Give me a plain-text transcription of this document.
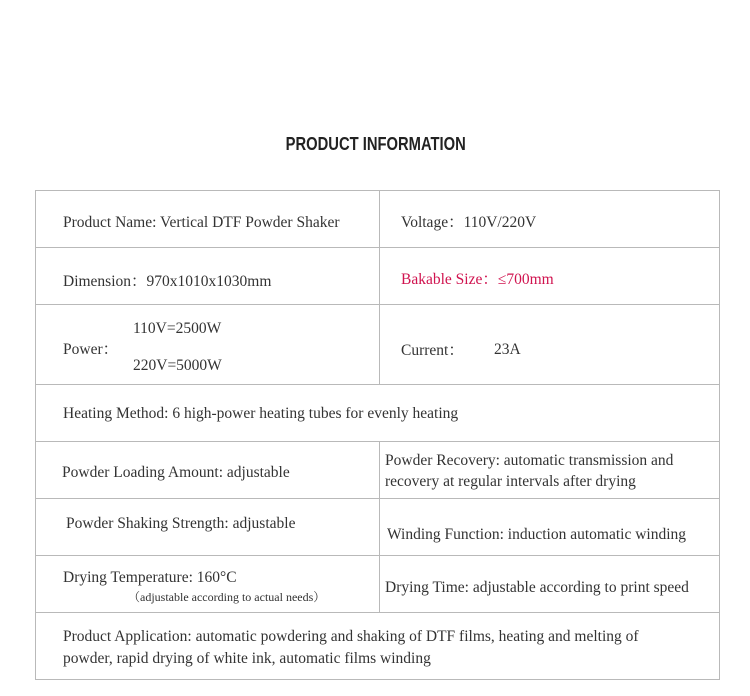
PRODUCT INFORMATION
Product Name: Vertical DTF Powder Shaker	Voltage：110V/220V
Dimension：970x1010x1030mm	Bakable Size：≤700mm
Power：
110V=2500W
220V=5000W
Current： 23A
Heating Method: 6 high-power heating tubes for evenly heating
Powder Loading Amount: adjustable
Powder Recovery: automatic transmission and
recovery at regular intervals after drying
Powder Shaking Strength: adjustable
Winding Function: induction automatic winding
Drying Temperature: 160°C
（adjustable according to actual needs）
Drying Time: adjustable according to print speed
Product Application: automatic powdering and shaking of DTF films, heating and melting of
powder, rapid drying of white ink, automatic films winding
